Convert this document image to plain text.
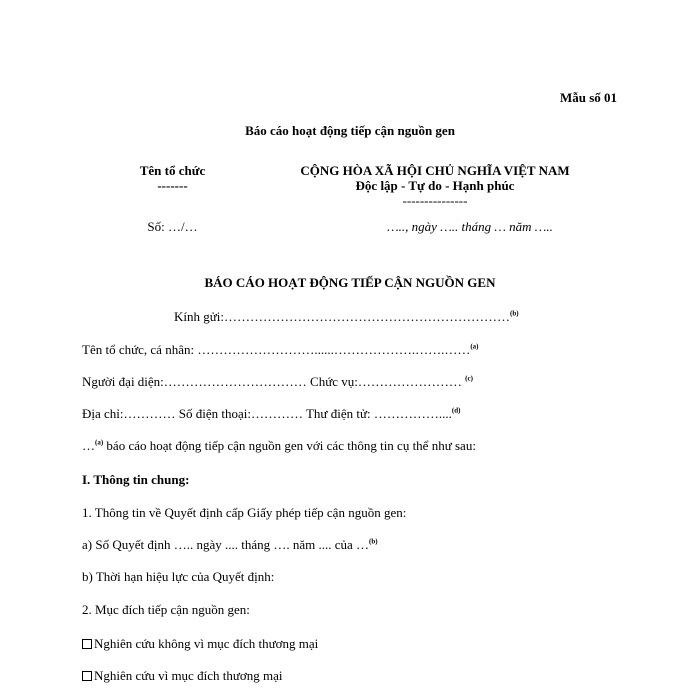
Mẫu số 01
Báo cáo hoạt động tiếp cận nguồn gen
Tên tổ chức
-------
CỘNG HÒA XÃ HỘI CHỦ NGHĨA VIỆT NAM
Độc lập - Tự do - Hạnh phúc
---------------
Số: …/…	….., ngày ….. tháng … năm …..
BÁO CÁO HOẠT ĐỘNG TIẾP CẬN NGUỒN GEN
Kính gửi:…………………………………………………………$^{(b)}$
Tên tổ chức, cá nhân: ………………………......……………….…….……$^{(a)}$
Người đại diện:…………………………… Chức vụ:…………………… $^{(c)}$
Địa chỉ:………… Số điện thoại:………… Thư điện tử: ……………....$^{(d)}$
…$^{(a)}$ báo cáo hoạt động tiếp cận nguồn gen với các thông tin cụ thể như sau:
I. Thông tin chung:
1. Thông tin về Quyết định cấp Giấy phép tiếp cận nguồn gen:
a) Số Quyết định ….. ngày .... tháng …. năm .... của …$^{(b)}$
b) Thời hạn hiệu lực của Quyết định:
2. Mục đích tiếp cận nguồn gen:
Nghiên cứu không vì mục đích thương mại
Nghiên cứu vì mục đích thương mại
